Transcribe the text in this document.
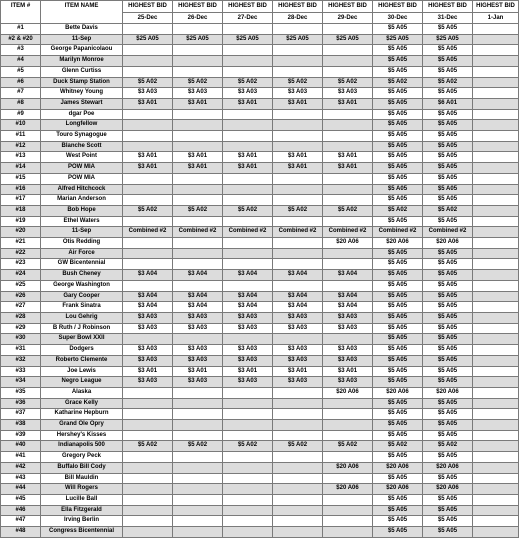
ITEM #	ITEM NAME	HIGHEST BID	HIGHEST BID	HIGHEST BID	HIGHEST BID	HIGHEST BID	HIGHEST BID	HIGHEST BID	HIGHEST BID
		25-Dec	26-Dec	27-Dec	28-Dec	29-Dec	30-Dec	31-Dec	1-Jan
#1	Bette Davis						$5 A05	$5 A05	
#2 & #20	11-Sep	$25 A05	$25 A05	$25 A05	$25 A05	$25 A05	$25 A05	$25 A05	
#3	George Papanicolaou						$5 A05	$5 A05	
#4	Marilyn Monroe						$5 A05	$5 A05	
#5	Glenn Curtiss						$5 A05	$5 A05	
#6	Duck Stamp Station	$5 A02	$5 A02	$5 A02	$5 A02	$5 A02	$5 A02	$5 A02	
#7	Whitney Young	$3 A03	$3 A03	$3 A03	$3 A03	$3 A03	$5 A05	$5 A05	
#8	James Stewart	$3 A01	$3 A01	$3 A01	$3 A01	$3 A01	$5 A05	$6 A01	
#9	dgar Poe						$5 A05	$5 A05	
#10	Longfellow						$5 A05	$5 A05	
#11	Touro Synagogue						$5 A05	$5 A05	
#12	Blanche Scott						$5 A05	$5 A05	
#13	West Point	$3 A01	$3 A01	$3 A01	$3 A01	$3 A01	$5 A05	$5 A05	
#14	POW MIA	$3 A01	$3 A01	$3 A01	$3 A01	$3 A01	$5 A05	$5 A05	
#15	POW MIA						$5 A05	$5 A05	
#16	Alfred Hitchcock						$5 A05	$5 A05	
#17	Marian Anderson						$5 A05	$5 A05	
#18	Bob Hope	$5 A02	$5 A02	$5 A02	$5 A02	$5 A02	$5 A02	$5 A02	
#19	Ethel Waters						$5 A05	$5 A05	
#20	11-Sep	Combined #2	Combined #2	Combined #2	Combined #2	Combined #2	Combined #2	Combined #2	
#21	Otis Redding					$20 A06	$20 A06	$20 A06	
#22	Air Force						$5 A05	$5 A05	
#23	GW Bicentennial						$5 A05	$5 A05	
#24	Bush Cheney	$3 A04	$3 A04	$3 A04	$3 A04	$3 A04	$5 A05	$5 A05	
#25	George Washington						$5 A05	$5 A05	
#26	Gary Cooper	$3 A04	$3 A04	$3 A04	$3 A04	$3 A04	$5 A05	$5 A05	
#27	Frank Sinatra	$3 A04	$3 A04	$3 A04	$3 A04	$3 A04	$5 A05	$5 A05	
#28	Lou Gehrig	$3 A03	$3 A03	$3 A03	$3 A03	$3 A03	$5 A05	$5 A05	
#29	B Ruth / J Robinson	$3 A03	$3 A03	$3 A03	$3 A03	$3 A03	$5 A05	$5 A05	
#30	Super Bowl XXII						$5 A05	$5 A05	
#31	Dodgers	$3 A03	$3 A03	$3 A03	$3 A03	$3 A03	$5 A05	$5 A05	
#32	Roberto Clemente	$3 A03	$3 A03	$3 A03	$3 A03	$3 A03	$5 A05	$5 A05	
#33	Joe Lewis	$3 A01	$3 A01	$3 A01	$3 A01	$3 A01	$5 A05	$5 A05	
#34	Negro League	$3 A03	$3 A03	$3 A03	$3 A03	$3 A03	$5 A05	$5 A05	
#35	Alaska					$20 A06	$20 A06	$20 A06	
#36	Grace Kelly						$5 A05	$5 A05	
#37	Katharine Hepburn						$5 A05	$5 A05	
#38	Grand Ole Opry						$5 A05	$5 A05	
#39	Hershey's Kisses						$5 A05	$5 A05	
#40	Indianapolis 500	$5 A02	$5 A02	$5 A02	$5 A02	$5 A02	$5 A02	$5 A02	
#41	Gregory Peck						$5 A05	$5 A05	
#42	Buffalo Bill Cody					$20 A06	$20 A06	$20 A06	
#43	Bill Mauldin						$5 A05	$5 A05	
#44	Will Rogers					$20 A06	$20 A06	$20 A06	
#45	Lucille Ball						$5 A05	$5 A05	
#46	Ella Fitzgerald						$5 A05	$5 A05	
#47	Irving Berlin						$5 A05	$5 A05	
#48	Congress Bicentennial						$5 A05	$5 A05	
